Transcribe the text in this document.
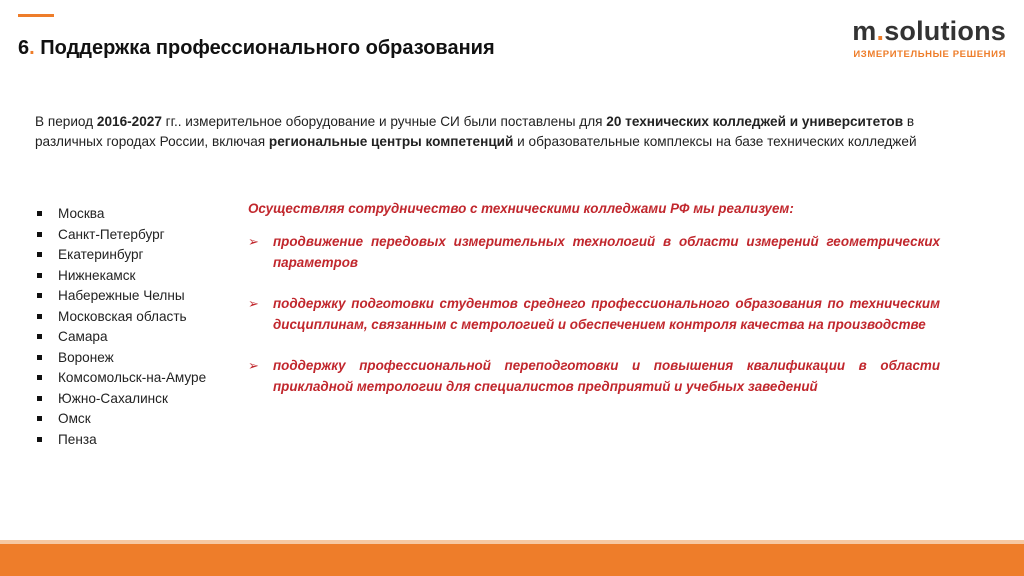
6. Поддержка профессионального образования
m.solutions
ИЗМЕРИТЕЛЬНЫЕ РЕШЕНИЯ

В период 2016-2027 гг.. измерительное оборудование и ручные СИ были поставлены для 20 технических колледжей и университетов в различных городах России, включая региональные центры компетенций и образовательные комплексы на базе технических колледжей

Москва
Санкт-Петербург
Екатеринбург
Нижнекамск
Набережные Челны
Московская область
Самара
Воронеж
Комсомольск-на-Амуре
Южно-Сахалинск
Омск
Пенза

Осуществляя сотрудничество с техническими колледжами РФ мы реализуем:

➢ продвижение передовых измерительных технологий в области измерений геометрических параметров
➢ поддержку подготовки студентов среднего профессионального образования по техническим дисциплинам, связанным с метрологией и обеспечением контроля качества на производстве
➢ поддержку профессиональной переподготовки и повышения квалификации в области прикладной метрологии для специалистов предприятий и учебных заведений
